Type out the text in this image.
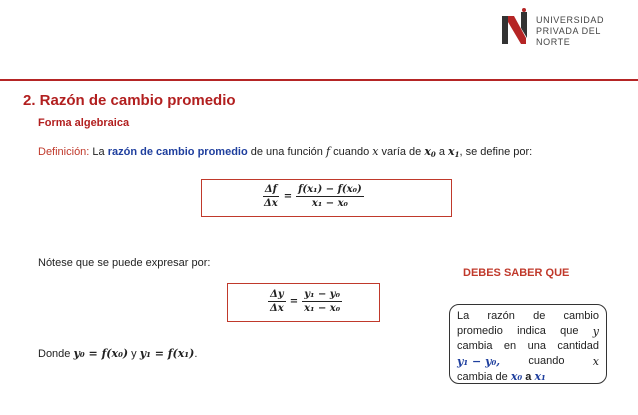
UNIVERSIDAD
PRIVADA DEL NORTE
2. Razón de cambio promedio
Forma algebraica
Definición: La razón de cambio promedio de una función f cuando x varía de $x_0$ a $x_1$, se define por:
$\frac{\Delta f}{\Delta x} = \frac{\text{f(x₁) − f(x₀)}}{\text{x₁ − x₀}}$
Nótese que se puede expresar por:
DEBES SABER QUE
$\frac{\Delta y}{\Delta x} = \frac{\text{y₁ − y₀}}{\text{x₁ − x₀}}$
La razón de cambio
promedio indica que y
cambia en una cantidad
y₁ − y₀,	cuando	x
cambia de x₀ a x₁
Donde y₀ = f(x₀) y y₁ = f(x₁).
